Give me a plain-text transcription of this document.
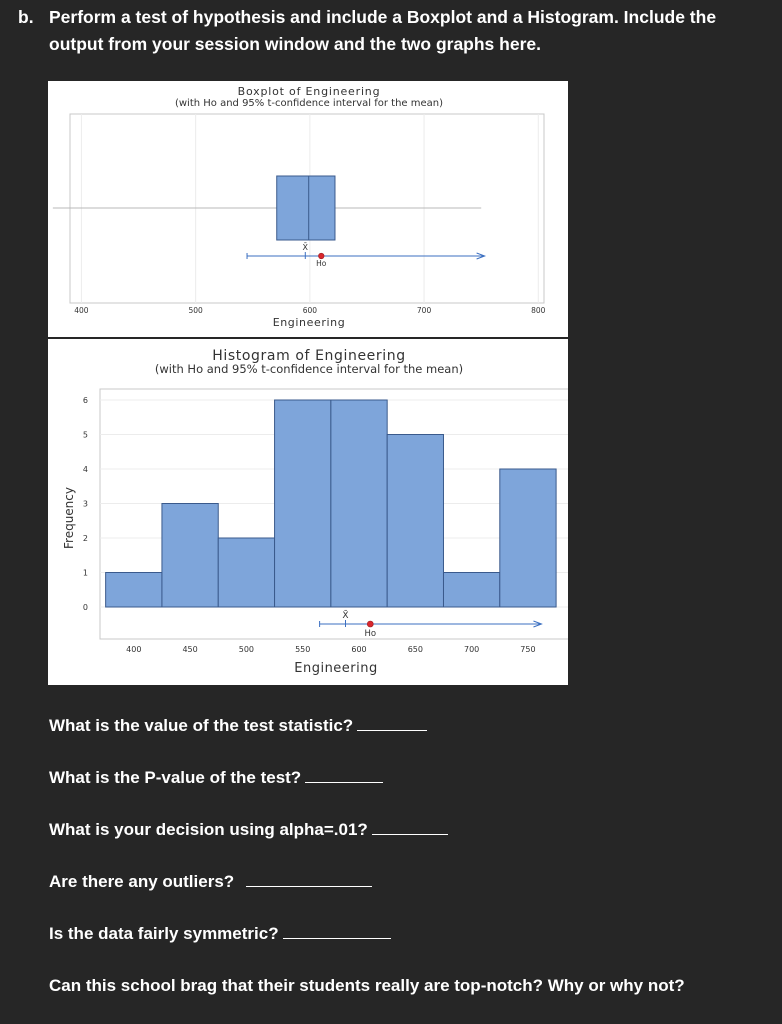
b. Perform a test of hypothesis and include a Boxplot and a Histogram. Include the
output from your session window and the two graphs here.
Boxplot of Engineering
(with Ho and 95% t-confidence interval for the mean)
X̄
Ho
400	500	600	700	800
Engineering
Histogram of Engineering
(with Ho and 95% t-confidence interval for the mean)
X̄
Ho
400	450	500	550	600	650	700	750
0
1
2
3
4
5
6
Engineering
Frequency
What is the value of the test statistic?
What is the P-value of the test?
What is your decision using alpha=.01?
Are there any outliers?
Is the data fairly symmetric?
Can this school brag that their students really are top-notch? Why or why not?
